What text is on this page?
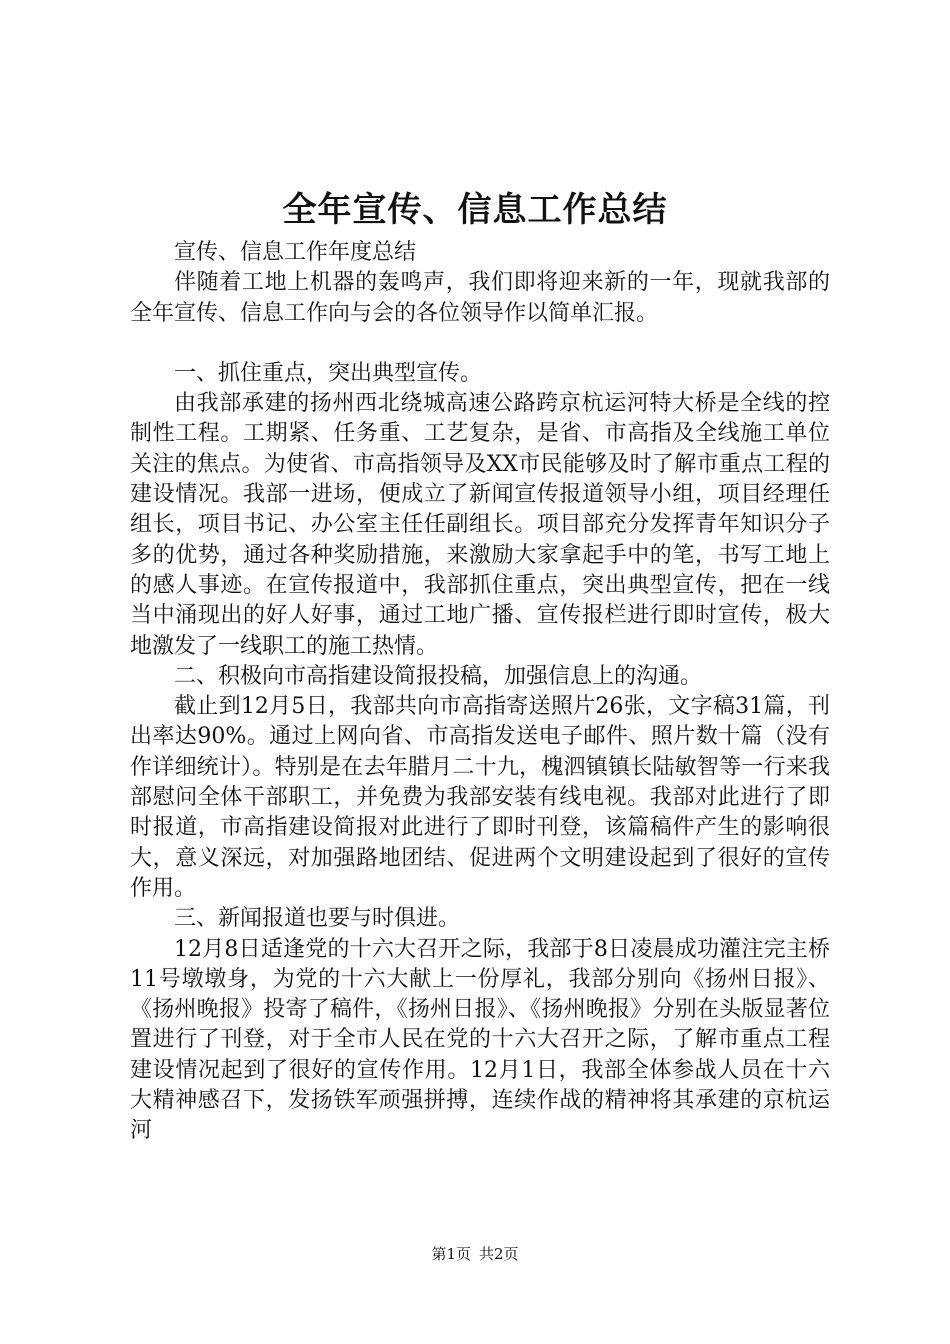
全年宣传、信息工作总结

宣传、信息工作年度总结

伴随着工地上机器的轰鸣声，我们即将迎来新的一年，现就我部的全年宣传、信息工作向与会的各位领导作以简单汇报。

一、抓住重点，突出典型宣传。

由我部承建的扬州西北绕城高速公路跨京杭运河特大桥是全线的控制性工程。工期紧、任务重、工艺复杂，是省、市高指及全线施工单位关注的焦点。为使省、市高指领导及XX市民能够及时了解市重点工程的建设情况。我部一进场，便成立了新闻宣传报道领导小组，项目经理任组长，项目书记、办公室主任任副组长。项目部充分发挥青年知识分子多的优势，通过各种奖励措施，来激励大家拿起手中的笔，书写工地上的感人事迹。在宣传报道中，我部抓住重点，突出典型宣传，把在一线当中涌现出的好人好事，通过工地广播、宣传报栏进行即时宣传，极大地激发了一线职工的施工热情。

二、积极向市高指建设简报投稿，加强信息上的沟通。

截止到12月5日，我部共向市高指寄送照片26张，文字稿31篇，刊出率达90%。通过上网向省、市高指发送电子邮件、照片数十篇（没有作详细统计）。特别是在去年腊月二十九，槐泗镇镇长陆敏智等一行来我部慰问全体干部职工，并免费为我部安装有线电视。我部对此进行了即时报道，市高指建设简报对此进行了即时刊登，该篇稿件产生的影响很大，意义深远，对加强路地团结、促进两个文明建设起到了很好的宣传作用。

三、新闻报道也要与时俱进。

12月8日适逢党的十六大召开之际，我部于8日凌晨成功灌注完主桥11号墩墩身，为党的十六大献上一份厚礼，我部分别向《扬州日报》、《扬州晚报》投寄了稿件，《扬州日报》、《扬州晚报》分别在头版显著位置进行了刊登，对于全市人民在党的十六大召开之际，了解市重点工程建设情况起到了很好的宣传作用。12月1日，我部全体参战人员在十六大精神感召下，发扬铁军顽强拼搏，连续作战的精神将其承建的京杭运河

第1页 共2页
